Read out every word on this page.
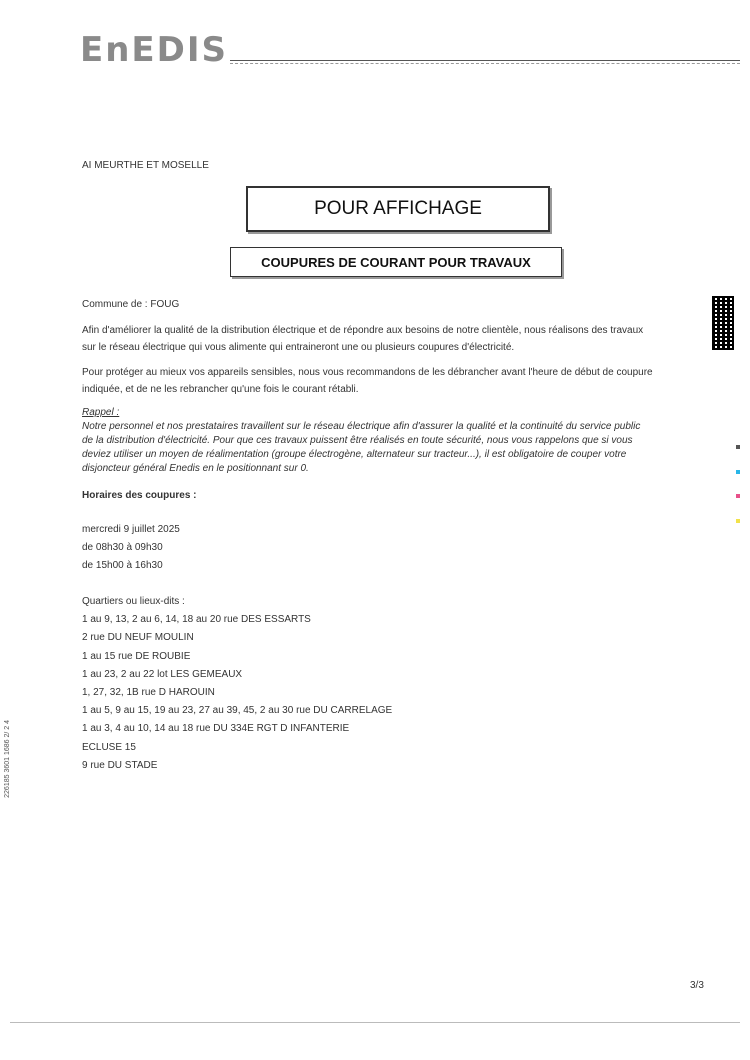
EnEDIS
AI MEURTHE ET MOSELLE
POUR AFFICHAGE
COUPURES DE COURANT POUR TRAVAUX
Commune de : FOUG
Afin d'améliorer la qualité de la distribution électrique et de répondre aux besoins de notre clientèle, nous réalisons des travaux
sur le réseau électrique qui vous alimente qui entraineront une ou plusieurs coupures d'électricité.
Pour protéger au mieux vos appareils sensibles, nous vous recommandons de les débrancher avant l'heure de début de coupure
indiquée, et de ne les rebrancher qu'une fois le courant rétabli.
Rappel :
Notre personnel et nos prestataires travaillent sur le réseau électrique afin d'assurer la qualité et la continuité du service public
de la distribution d'électricité. Pour que ces travaux puissent être réalisés en toute sécurité, nous vous rappelons que si vous
deviez utiliser un moyen de réalimentation (groupe électrogène, alternateur sur tracteur...), il est obligatoire de couper votre
disjoncteur général Enedis en le positionnant sur 0.
Horaires des coupures :
mercredi 9 juillet 2025
de 08h30 à 09h30
de 15h00 à 16h30
Quartiers ou lieux-dits :
1 au 9, 13, 2 au 6, 14, 18 au 20 rue DES ESSARTS
2 rue DU NEUF MOULIN
1 au 15 rue DE ROUBIE
1 au 23, 2 au 22 lot LES GEMEAUX
1, 27, 32, 1B rue D HAROUIN
1 au 5, 9 au 15, 19 au 23, 27 au 39, 45, 2 au 30 rue DU CARRELAGE
1 au 3, 4 au 10, 14 au 18 rue DU 334E RGT D INFANTERIE
ECLUSE 15
9 rue DU STADE
226185 3601 1686 2/ 2 4
3/3
